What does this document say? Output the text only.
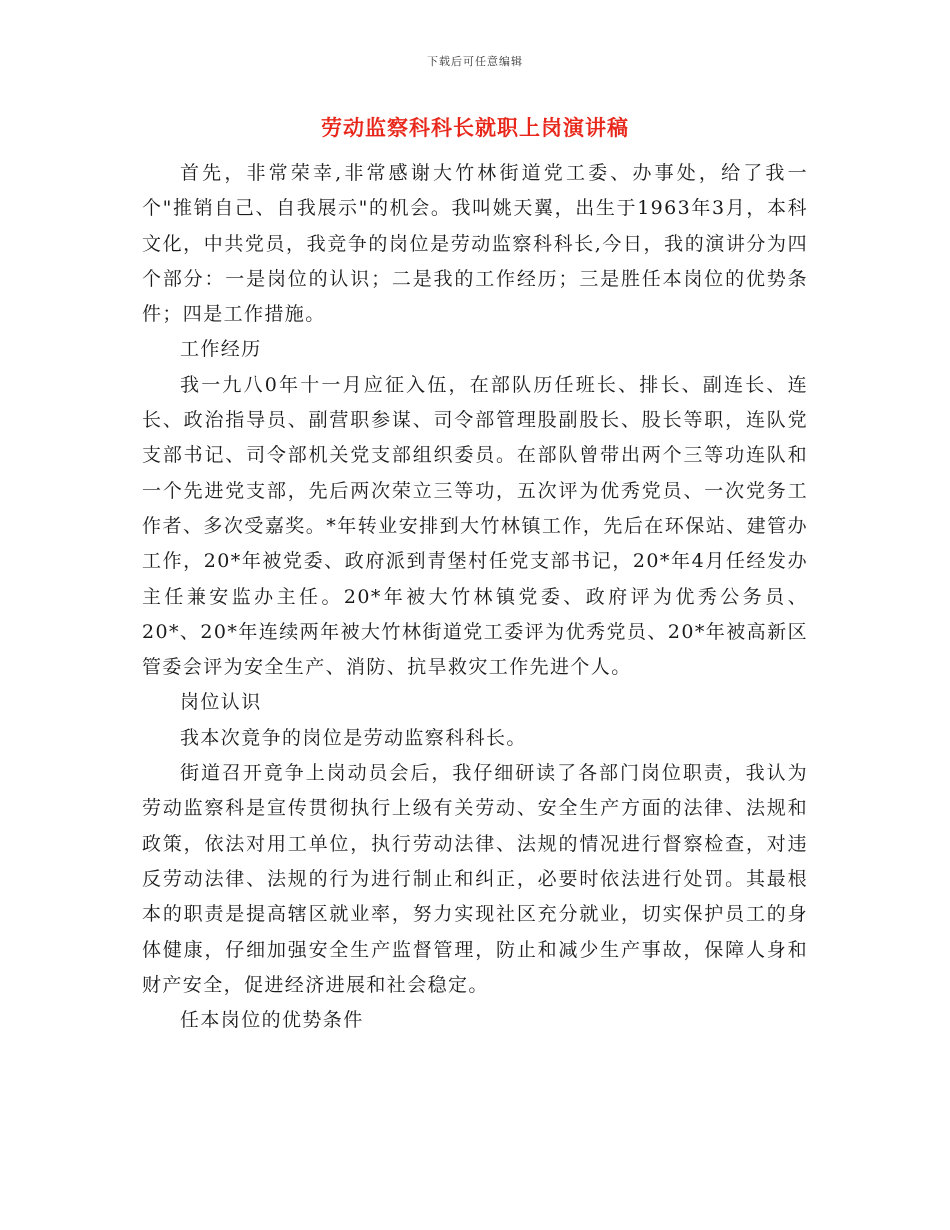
下载后可任意编辑
劳动监察科科长就职上岗演讲稿

首先，非常荣幸,非常感谢大竹林街道党工委、办事处，给了我一个"推销自己、自我展示"的机会。我叫姚天翼，出生于1963年3月，本科文化，中共党员，我竞争的岗位是劳动监察科科长,今日，我的演讲分为四个部分：一是岗位的认识；二是我的工作经历；三是胜任本岗位的优势条件；四是工作措施。

工作经历

我一九八0年十一月应征入伍，在部队历任班长、排长、副连长、连长、政治指导员、副营职参谋、司令部管理股副股长、股长等职，连队党支部书记、司令部机关党支部组织委员。在部队曾带出两个三等功连队和一个先进党支部，先后两次荣立三等功，五次评为优秀党员、一次党务工作者、多次受嘉奖。*年转业安排到大竹林镇工作，先后在环保站、建管办工作，20*年被党委、政府派到青堡村任党支部书记，20*年4月任经发办主任兼安监办主任。20*年被大竹林镇党委、政府评为优秀公务员、20*、20*年连续两年被大竹林街道党工委评为优秀党员、20*年被高新区管委会评为安全生产、消防、抗旱救灾工作先进个人。

岗位认识

我本次竟争的岗位是劳动监察科科长。

街道召开竟争上岗动员会后，我仔细研读了各部门岗位职责，我认为劳动监察科是宣传贯彻执行上级有关劳动、安全生产方面的法律、法规和政策，依法对用工单位，执行劳动法律、法规的情况进行督察检查，对违反劳动法律、法规的行为进行制止和纠正，必要时依法进行处罚。其最根本的职责是提高辖区就业率，努力实现社区充分就业，切实保护员工的身体健康，仔细加强安全生产监督管理，防止和减少生产事故，保障人身和财产安全，促进经济进展和社会稳定。

任本岗位的优势条件
